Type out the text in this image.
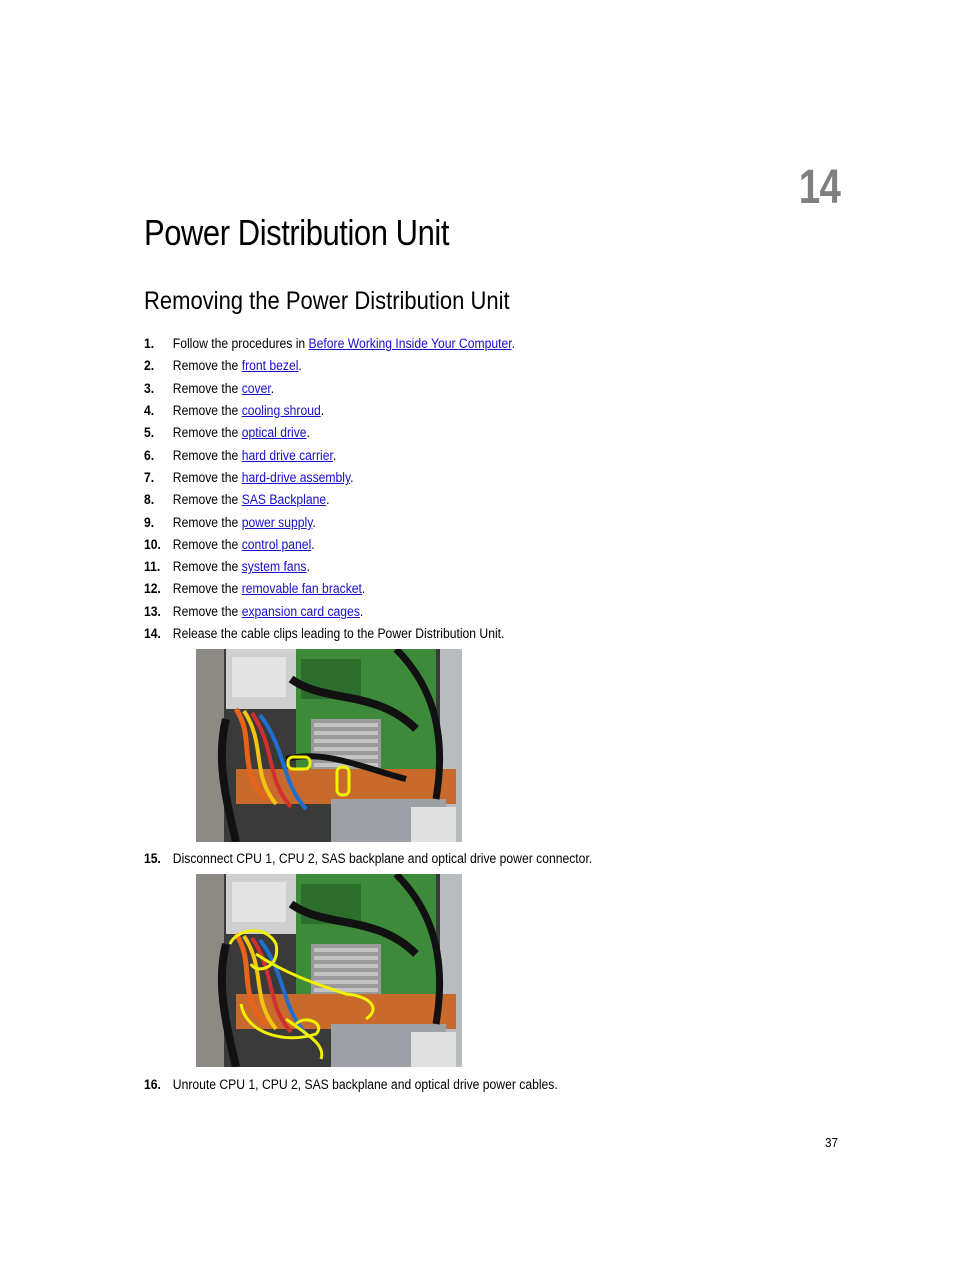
14
Power Distribution Unit
Removing the Power Distribution Unit
1. Follow the procedures in Before Working Inside Your Computer.
2. Remove the front bezel.
3. Remove the cover.
4. Remove the cooling shroud.
5. Remove the optical drive.
6. Remove the hard drive carrier.
7. Remove the hard-drive assembly.
8. Remove the SAS Backplane.
9. Remove the power supply.
10. Remove the control panel.
11. Remove the system fans.
12. Remove the removable fan bracket.
13. Remove the expansion card cages.
14. Release the cable clips leading to the Power Distribution Unit.
15. Disconnect CPU 1, CPU 2, SAS backplane and optical drive power connector.
16. Unroute CPU 1, CPU 2, SAS backplane and optical drive power cables.
37
